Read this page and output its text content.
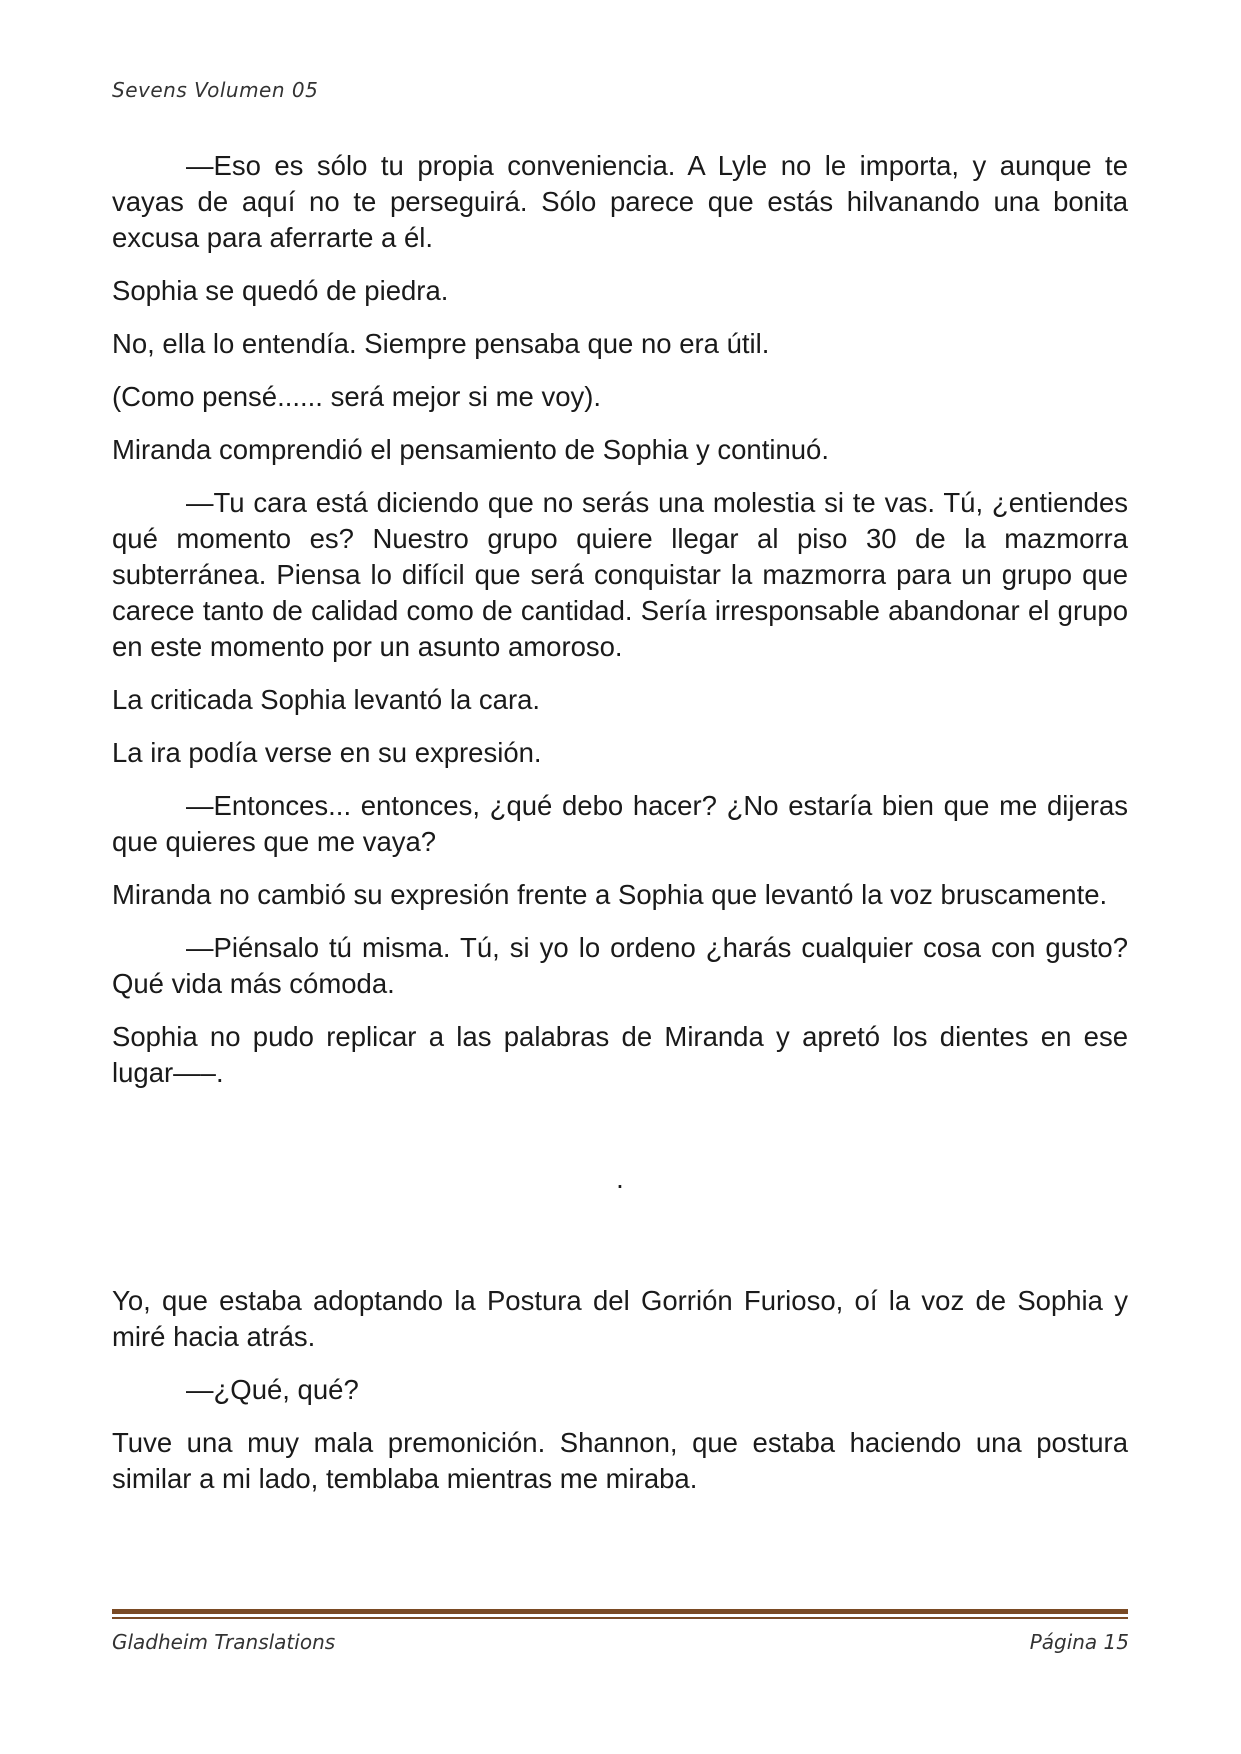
Sevens Volumen 05

—Eso es sólo tu propia conveniencia. A Lyle no le importa, y aunque te vayas de aquí no te perseguirá. Sólo parece que estás hilvanando una bonita excusa para aferrarte a él.

Sophia se quedó de piedra.

No, ella lo entendía. Siempre pensaba que no era útil.

(Como pensé...... será mejor si me voy).

Miranda comprendió el pensamiento de Sophia y continuó.

—Tu cara está diciendo que no serás una molestia si te vas. Tú, ¿entiendes qué momento es? Nuestro grupo quiere llegar al piso 30 de la mazmorra subterránea. Piensa lo difícil que será conquistar la mazmorra para un grupo que carece tanto de calidad como de cantidad. Sería irresponsable abandonar el grupo en este momento por un asunto amoroso.

La criticada Sophia levantó la cara.

La ira podía verse en su expresión.

—Entonces... entonces, ¿qué debo hacer? ¿No estaría bien que me dijeras que quieres que me vaya?

Miranda no cambió su expresión frente a Sophia que levantó la voz bruscamente.

—Piénsalo tú misma. Tú, si yo lo ordeno ¿harás cualquier cosa con gusto? Qué vida más cómoda.

Sophia no pudo replicar a las palabras de Miranda y apretó los dientes en ese lugar—–.

.

Yo, que estaba adoptando la Postura del Gorrión Furioso, oí la voz de Sophia y miré hacia atrás.

—¿Qué, qué?

Tuve una muy mala premonición. Shannon, que estaba haciendo una postura similar a mi lado, temblaba mientras me miraba.

Gladheim Translations	Página 15
